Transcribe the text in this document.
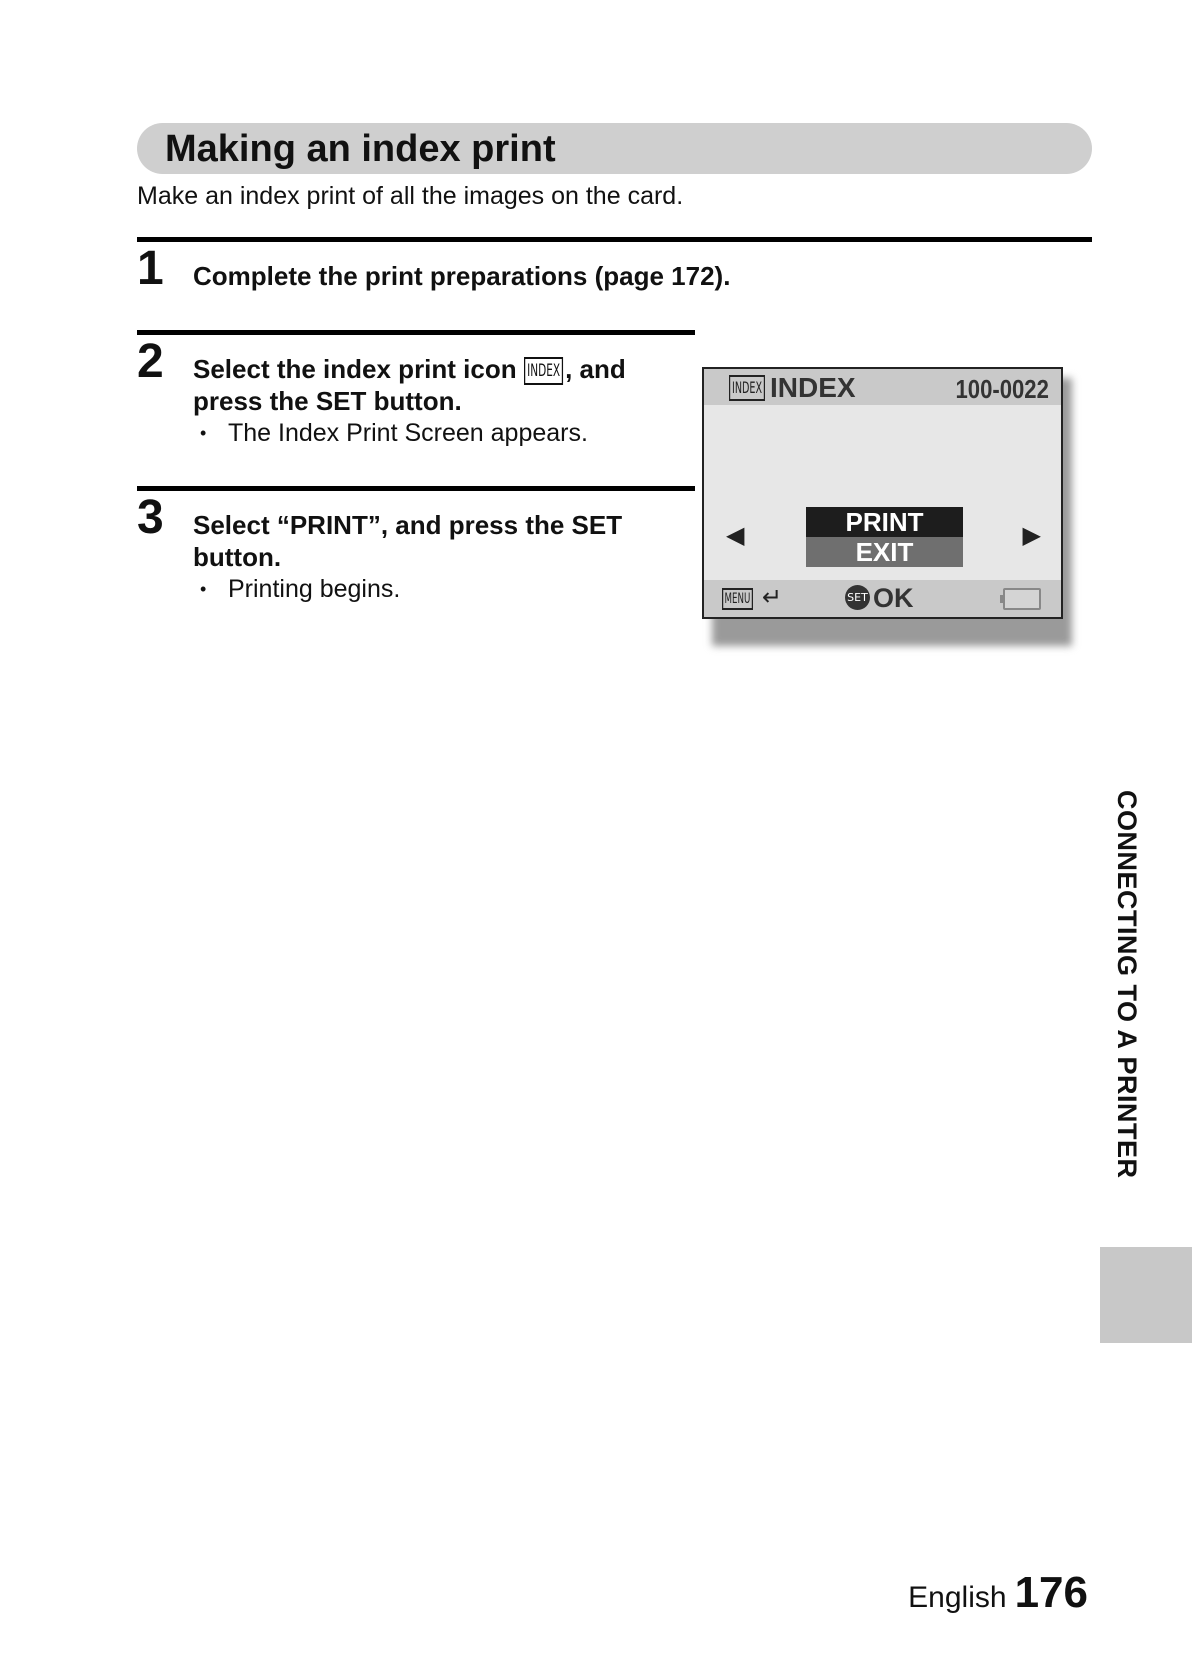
Making an index print
Make an index print of all the images on the card.
1 Complete the print preparations (page 172).
2 Select the index print icon INDEX , and
press the SET button.
• The Index Print Screen appears.
3 Select “PRINT”, and press the SET
button.
• Printing begins.
INDEX INDEX	100-0022
◀	▶
PRINT
EXIT
MENU ↵	SET OK
CONNECTING TO A PRINTER
English 176
